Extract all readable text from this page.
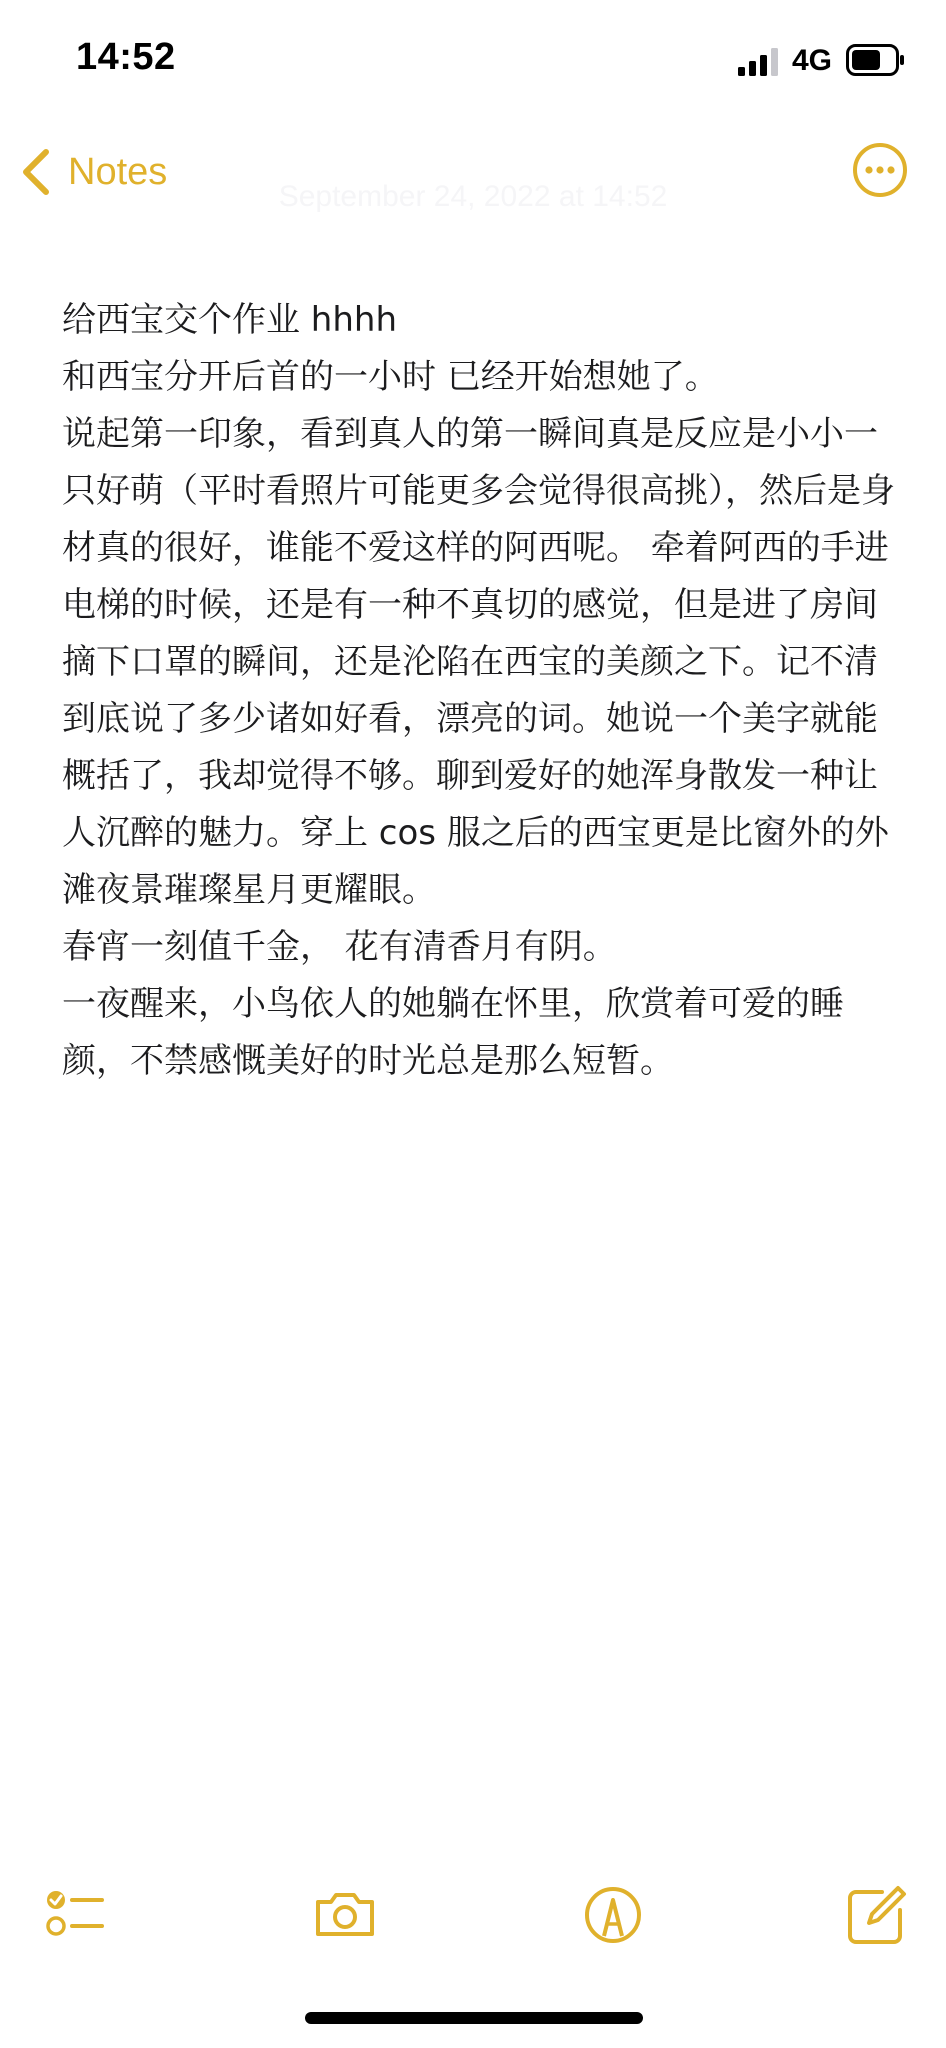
14:52	4G
Notes
September 24, 2022 at 14:52
给西宝交个作业 hhhh
和西宝分开后首的一小时 已经开始想她了。
说起第一印象，看到真人的第一瞬间真是反应是小小一只好萌（平时看照片可能更多会觉得很高挑），然后是身材真的很好，谁能不爱这样的阿西呢。 牵着阿西的手进电梯的时候，还是有一种不真切的感觉，但是进了房间摘下口罩的瞬间，还是沦陷在西宝的美颜之下。记不清到底说了多少诸如好看，漂亮的词。她说一个美字就能概括了，我却觉得不够。聊到爱好的她浑身散发一种让人沉醉的魅力。穿上 cos 服之后的西宝更是比窗外的外滩夜景璀璨星月更耀眼。
春宵一刻值千金， 花有清香月有阴。
一夜醒来，小鸟依人的她躺在怀里，欣赏着可爱的睡颜，不禁感慨美好的时光总是那么短暂。
